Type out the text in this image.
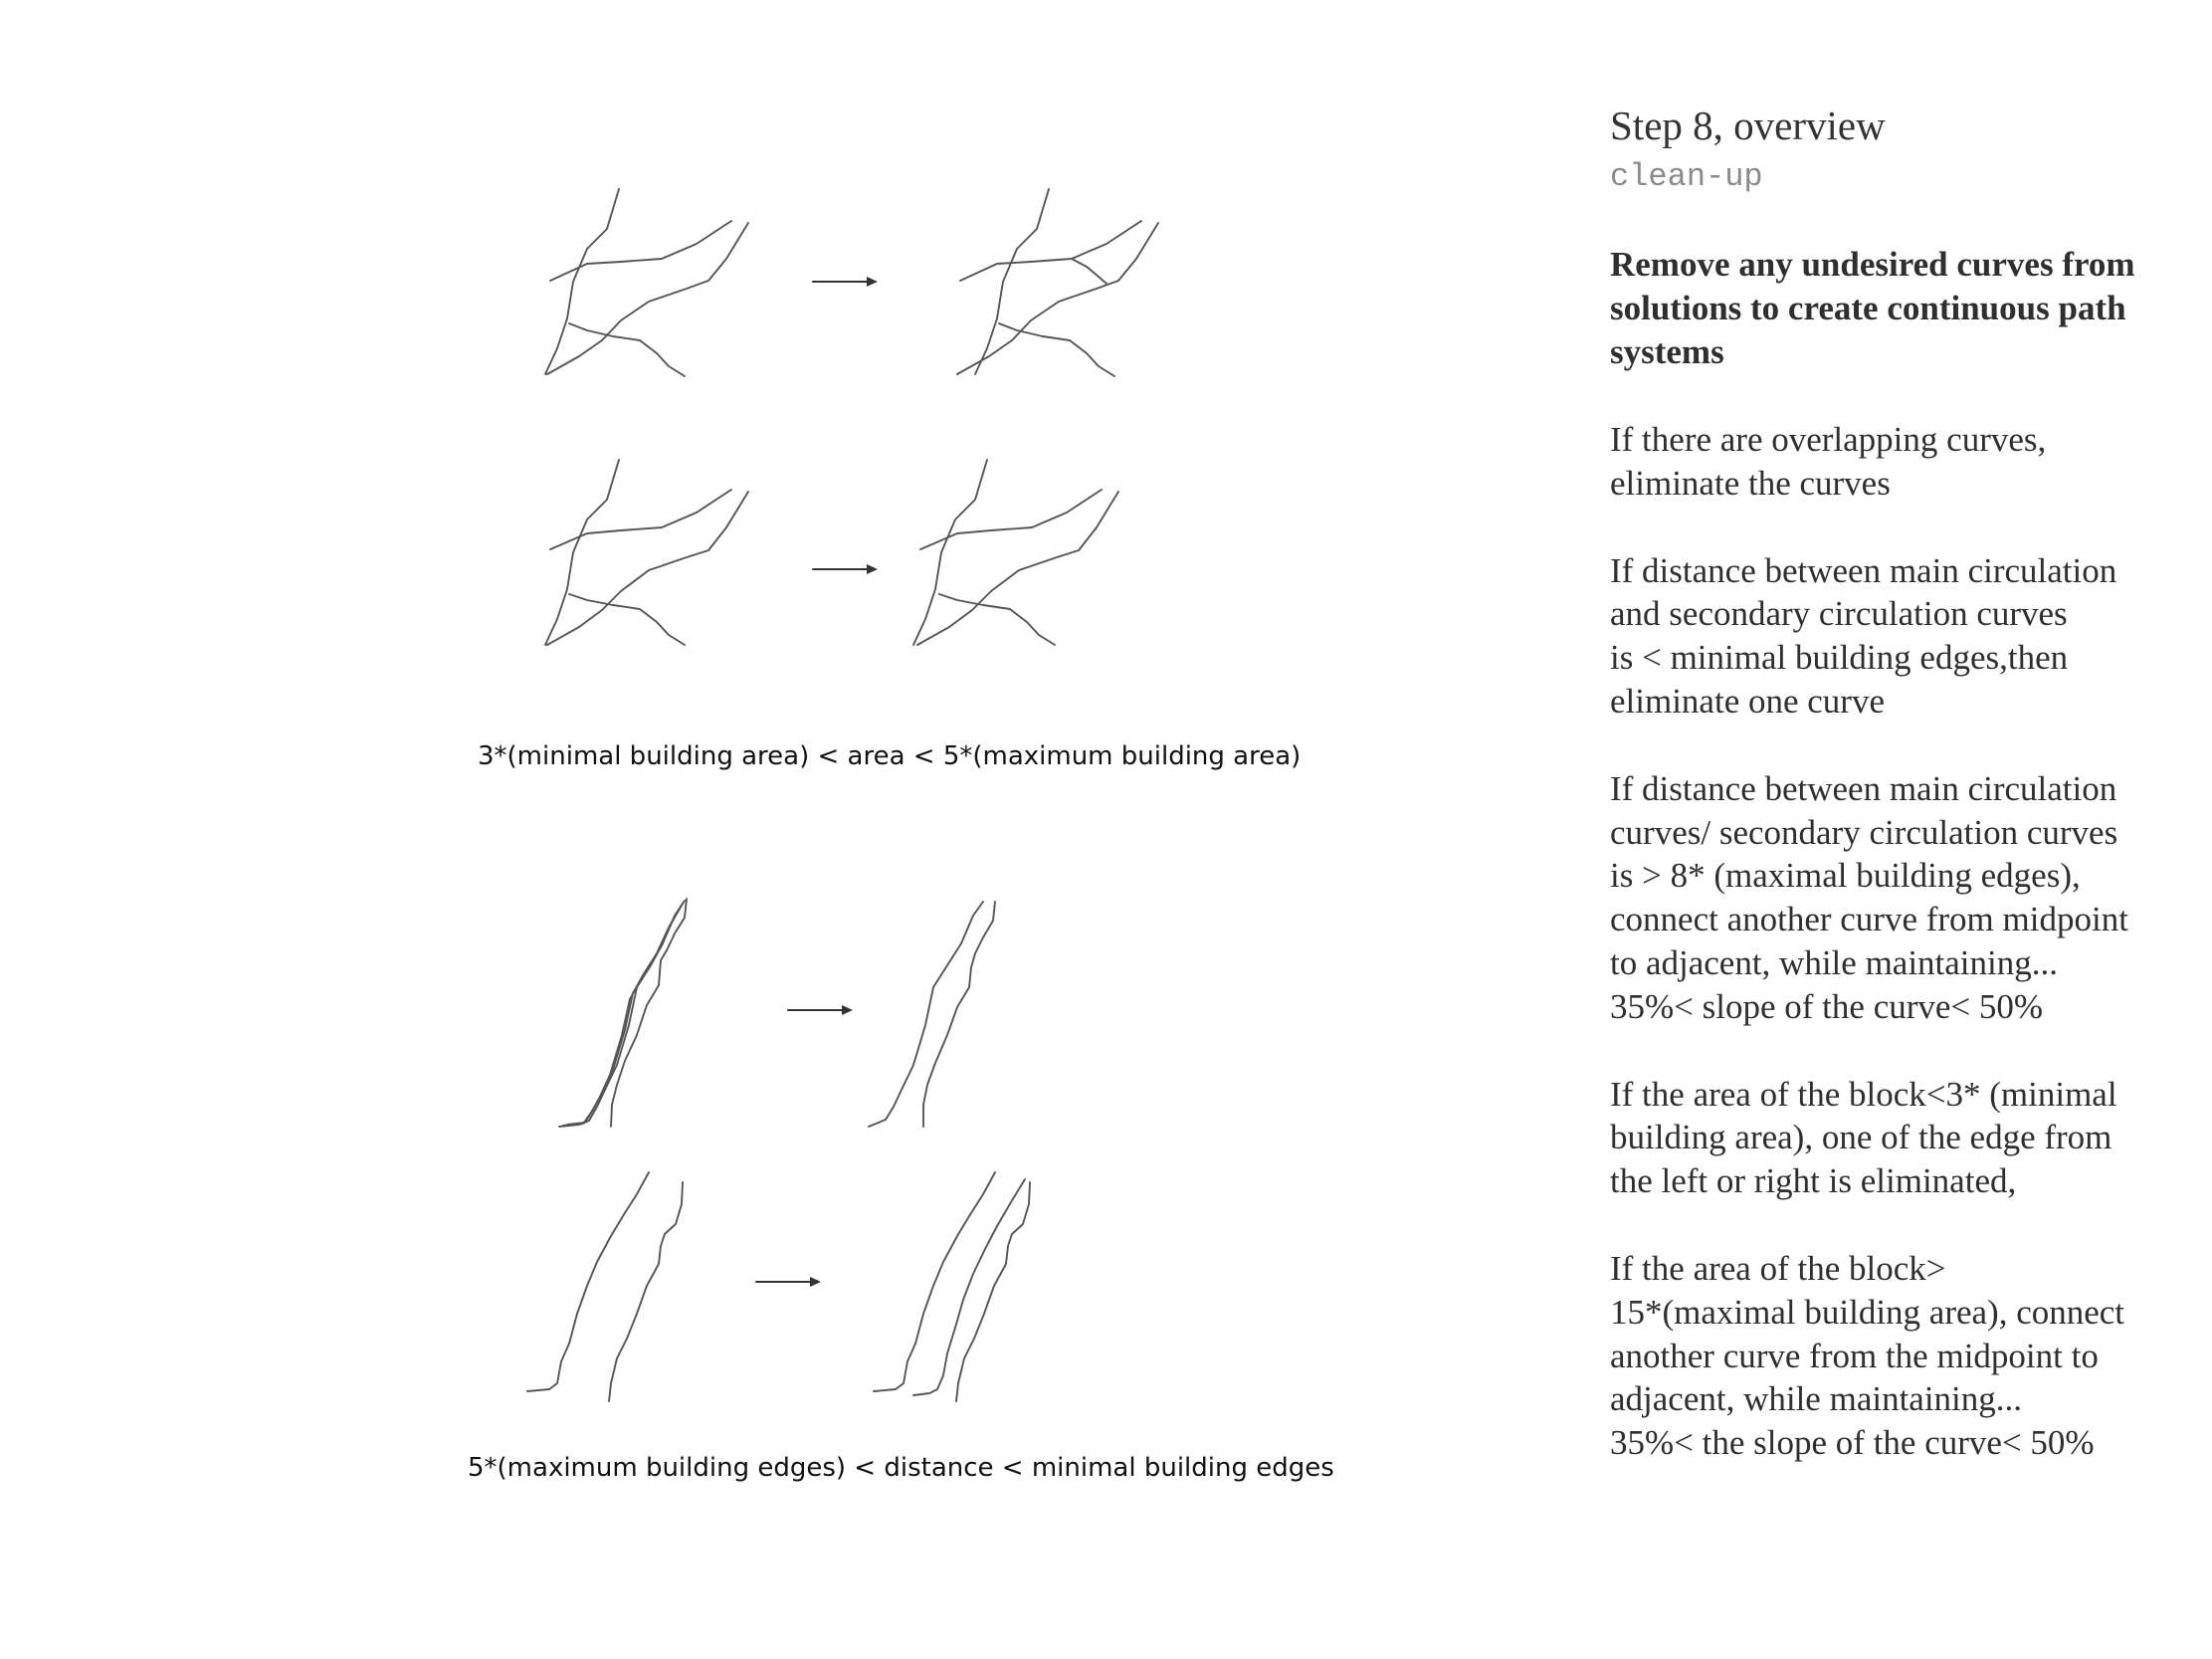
3*(minimal building area) < area < 5*(maximum building area)
5*(maximum building edges) < distance < minimal building edges
Step 8, overview
clean-up
Remove any undesired curves from
solutions to create continuous path
systems
If there are overlapping curves,
eliminate the curves
If distance between main circulation
and secondary circulation curves
is < minimal building edges,then
eliminate one curve
If distance between main circulation
curves/ secondary circulation curves
is > 8* (maximal building edges),
connect another curve from midpoint
to adjacent, while maintaining...
35%< slope of the curve< 50%
If the area of the block<3* (minimal
building area), one of the edge from
the left or right is eliminated,
If the area of the block>
15*(maximal building area), connect
another curve from the midpoint to
adjacent, while maintaining...
35%< the slope of the curve< 50%
